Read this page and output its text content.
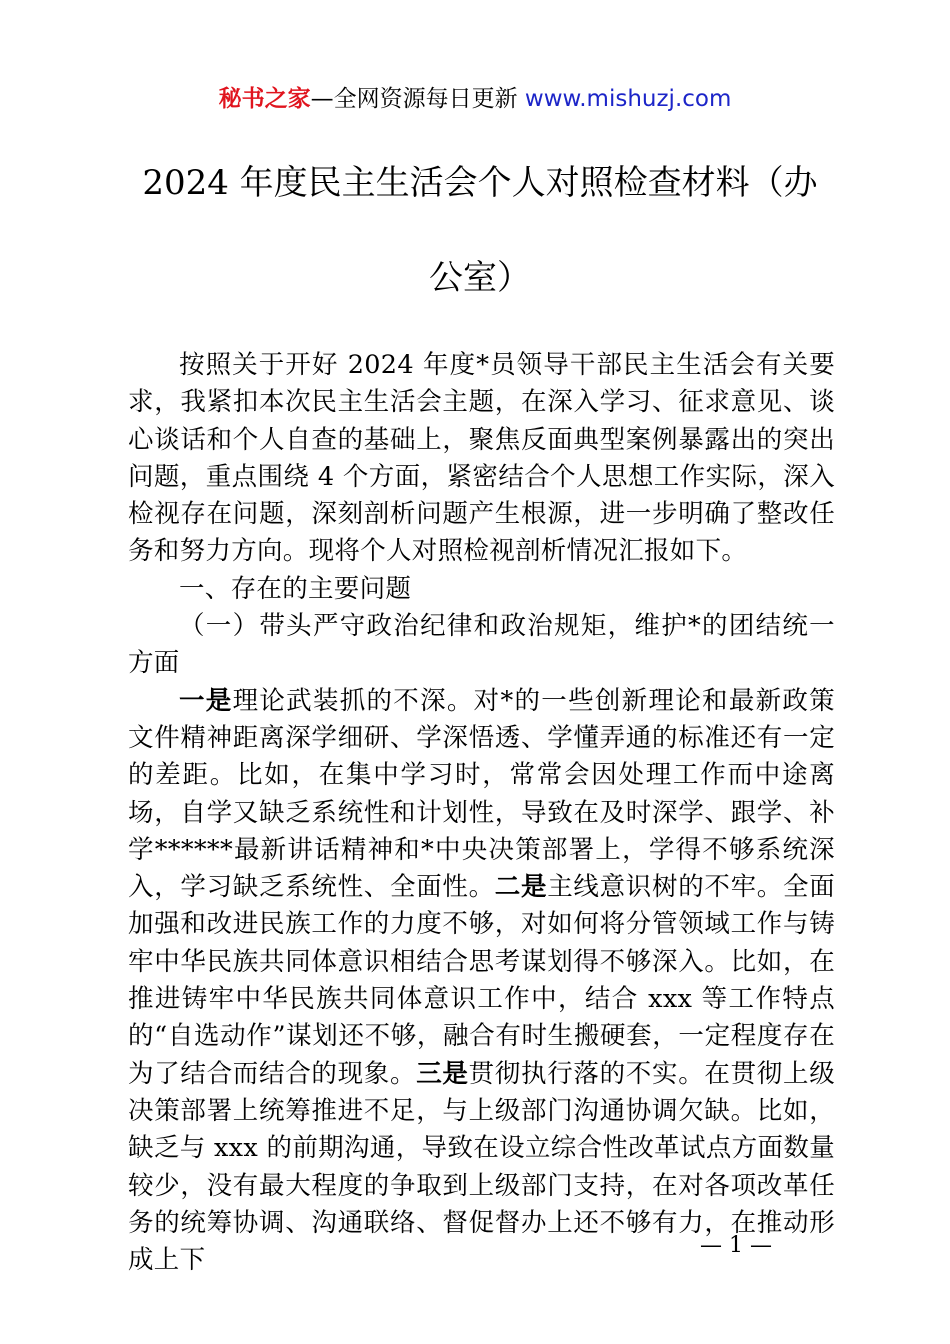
秘书之家—全网资源每日更新 www.mishuzj.com
2024 年度民主生活会个人对照检查材料（办
公室）

按照关于开好 2024 年度*员领导干部民主生活会有关要求，我紧扣本次民主生活会主题，在深入学习、征求意见、谈心谈话和个人自查的基础上，聚焦反面典型案例暴露出的突出问题，重点围绕 4 个方面，紧密结合个人思想工作实际，深入检视存在问题，深刻剖析问题产生根源，进一步明确了整改任务和努力方向。现将个人对照检视剖析情况汇报如下。

一、存在的主要问题

（一）带头严守政治纪律和政治规矩，维护*的团结统一方面

一是理论武装抓的不深。对*的一些创新理论和最新政策文件精神距离深学细研、学深悟透、学懂弄通的标准还有一定的差距。比如，在集中学习时，常常会因处理工作而中途离场，自学又缺乏系统性和计划性，导致在及时深学、跟学、补学******最新讲话精神和*中央决策部署上，学得不够系统深入，学习缺乏系统性、全面性。二是主线意识树的不牢。全面加强和改进民族工作的力度不够，对如何将分管领域工作与铸牢中华民族共同体意识相结合思考谋划得不够深入。比如，在推进铸牢中华民族共同体意识工作中，结合 xxx 等工作特点的“自选动作”谋划还不够，融合有时生搬硬套，一定程度存在为了结合而结合的现象。三是贯彻执行落的不实。在贯彻上级决策部署上统筹推进不足，与上级部门沟通协调欠缺。比如，缺乏与 xxx 的前期沟通，导致在设立综合性改革试点方面数量较少，没有最大程度的争取到上级部门支持，在对各项改革任务的统筹协调、沟通联络、督促督办上还不够有力，在推动形成上下	— 1 —
